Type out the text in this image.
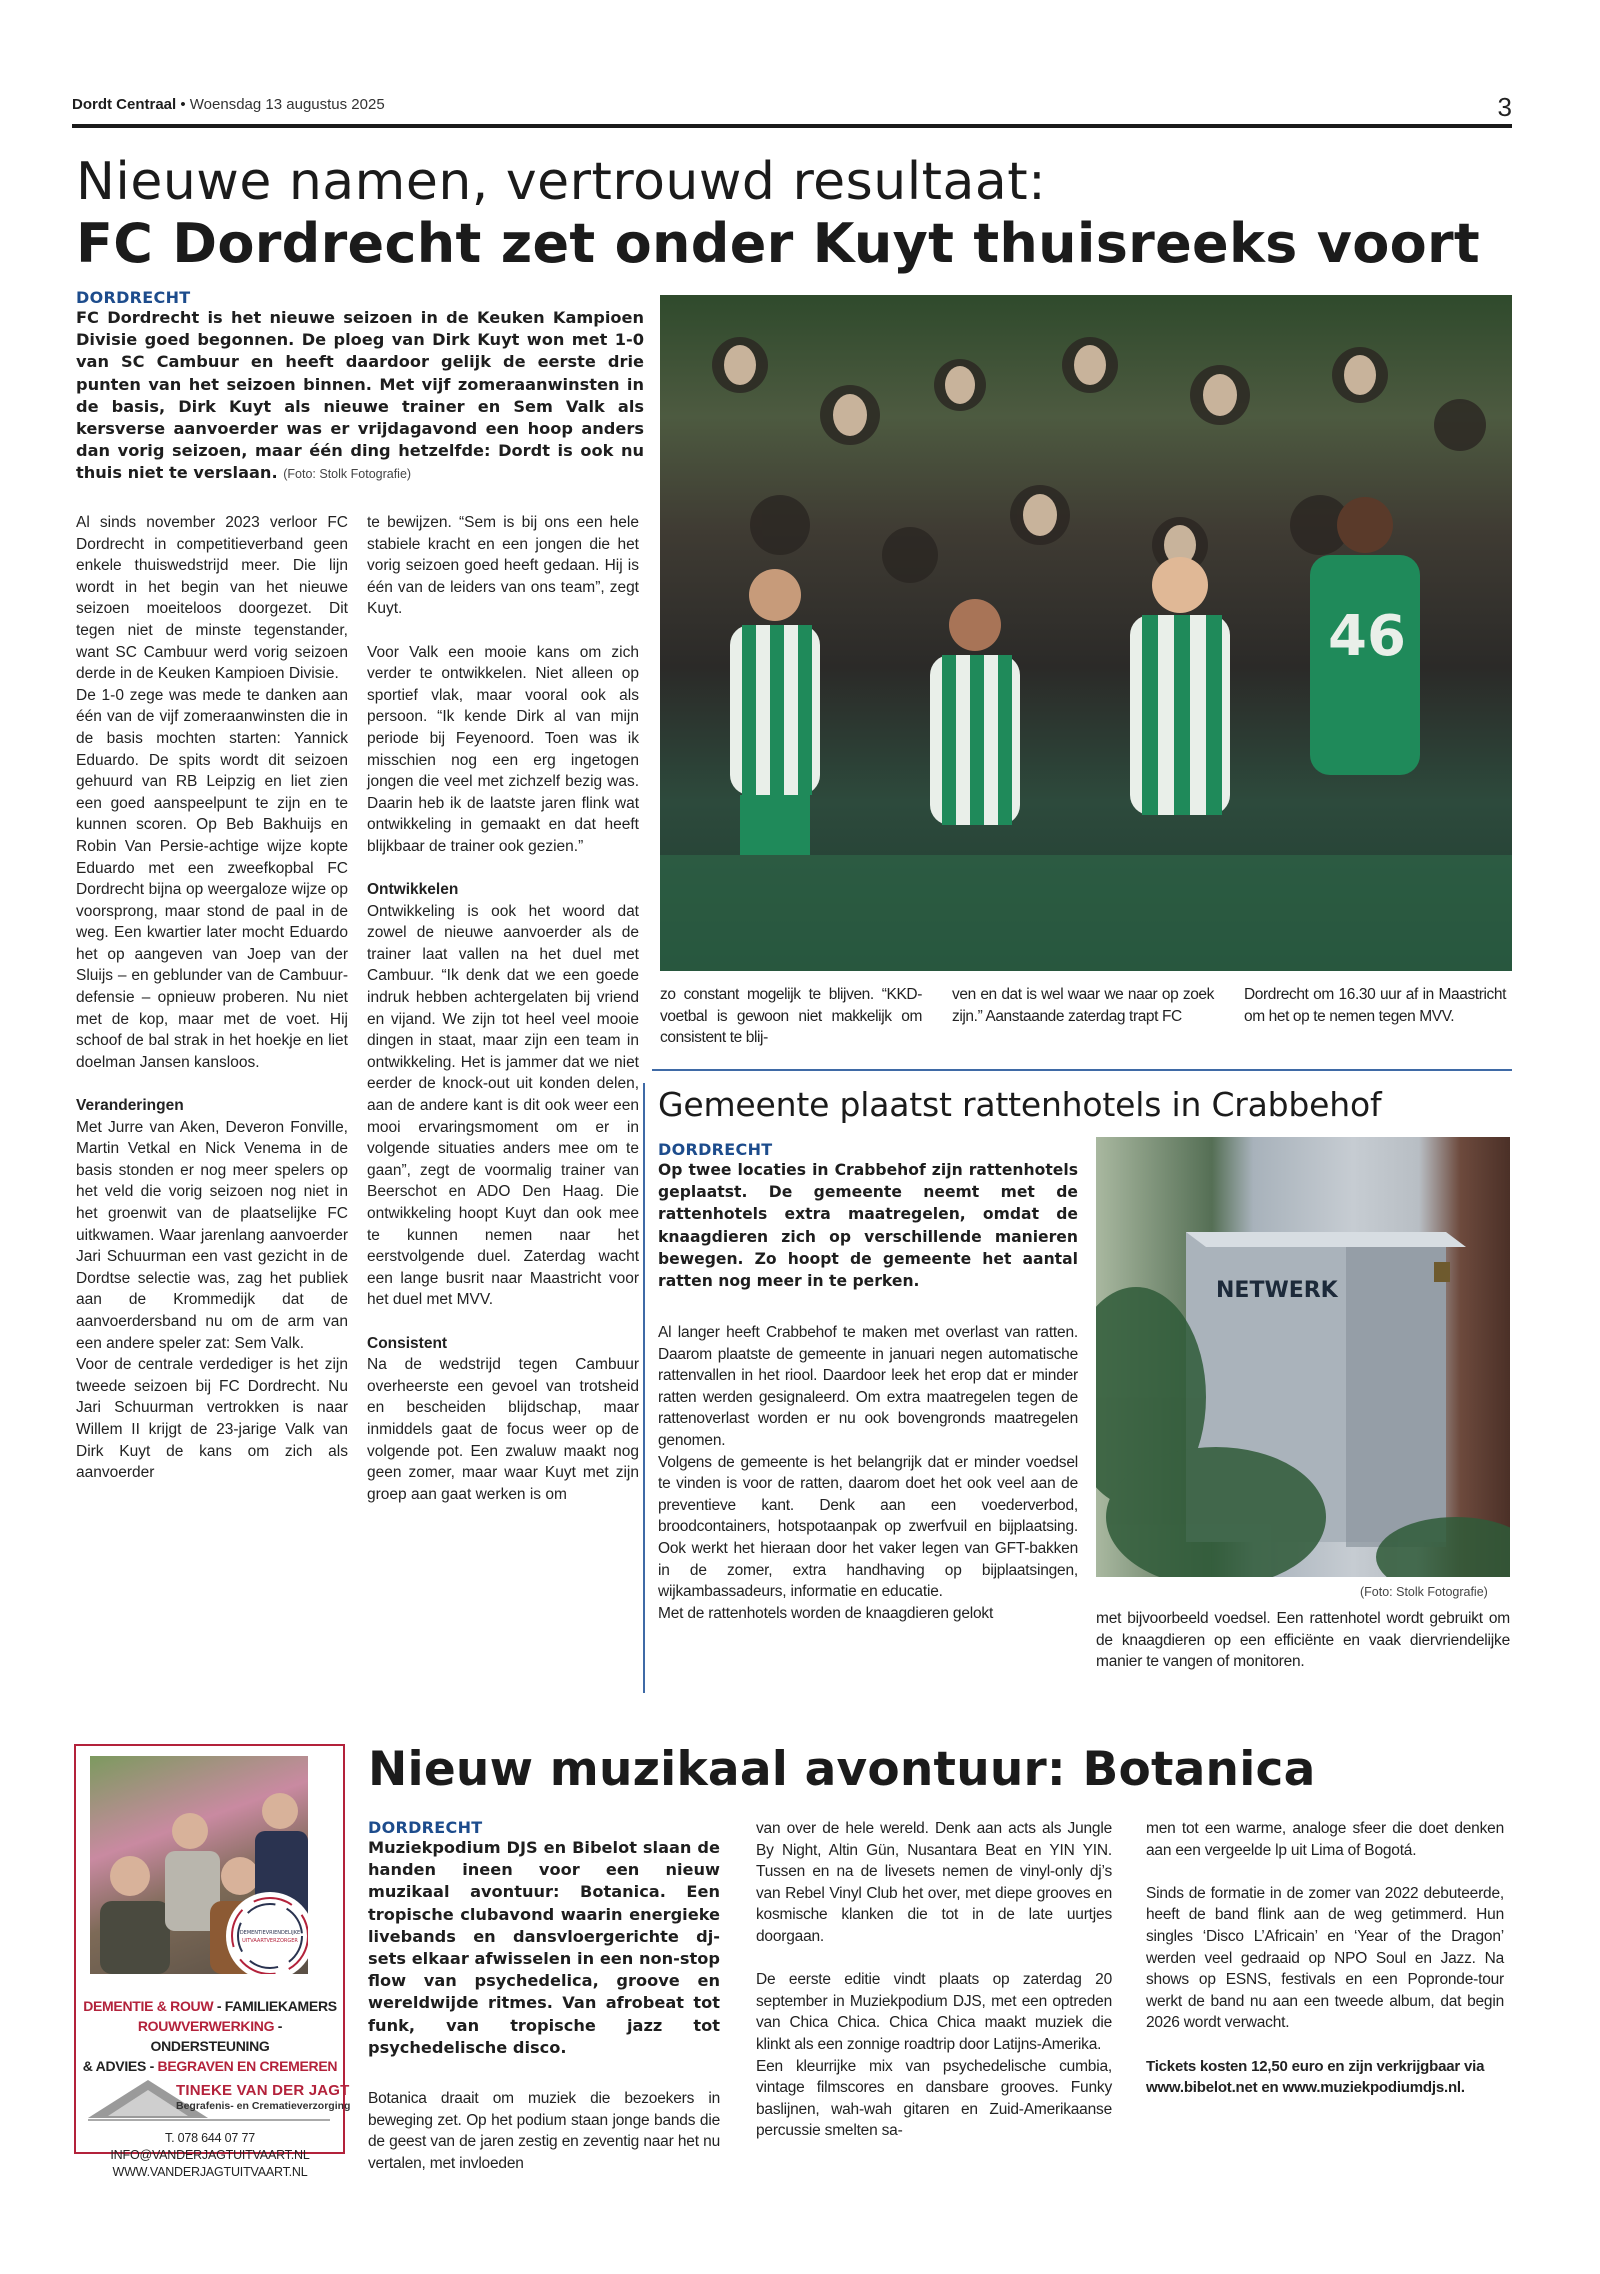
Dordt Centraal • Woensdag 13 augustus 2025	3
Nieuwe namen, vertrouwd resultaat:
FC Dordrecht zet onder Kuyt thuisreeks voort
DORDRECHT

FC Dordrecht is het nieuwe seizoen in de Keuken Kampioen Divisie goed begonnen. De ploeg van Dirk Kuyt won met 1-0 van SC Cambuur en heeft daardoor gelijk de eerste drie punten van het seizoen binnen. Met vijf zomeraanwinsten in de basis, Dirk Kuyt als nieuwe trainer en Sem Valk als kersverse aanvoerder was er vrijdagavond een hoop anders dan vorig seizoen, maar één ding hetzelfde: Dordt is ook nu thuis niet te verslaan. (Foto: Stolk Fotografie)

46

Al sinds november 2023 verloor FC Dordrecht in competitieverband geen enkele thuiswedstrijd meer. Die lijn wordt in het begin van het nieuwe seizoen moeiteloos doorgezet. Dit tegen niet de minste tegenstander, want SC Cambuur werd vorig seizoen derde in de Keuken Kampioen Divisie.

De 1-0 zege was mede te danken aan één van de vijf zomeraanwinsten die in de basis mochten starten: Yannick Eduardo. De spits wordt dit seizoen gehuurd van RB Leipzig en liet zien een goed aanspeelpunt te zijn en te kunnen scoren. Op Beb Bakhuijs en Robin Van Persie-achtige wijze kopte Eduardo met een zweefkopbal FC Dordrecht bijna op weergaloze wijze op voorsprong, maar stond de paal in de weg. Een kwartier later mocht Eduardo het op aangeven van Joep van der Sluijs – en geblunder van de Cambuur-defensie – opnieuw proberen. Nu niet met de kop, maar met de voet. Hij schoof de bal strak in het hoekje en liet doelman Jansen kansloos.

Veranderingen

Met Jurre van Aken, Deveron Fonville, Martin Vetkal en Nick Venema in de basis stonden er nog meer spelers op het veld die vorig seizoen nog niet in het groenwit van de plaatselijke FC uitkwamen. Waar jarenlang aanvoerder Jari Schuurman een vast gezicht in de Dordtse selectie was, zag het publiek aan de Krommedijk dat de aanvoerdersband nu om de arm van een andere speler zat: Sem Valk.

Voor de centrale verdediger is het zijn tweede seizoen bij FC Dordrecht. Nu Jari Schuurman vertrokken is naar Willem II krijgt de 23-jarige Valk van Dirk Kuyt de kans om zich als aanvoerder

te bewijzen. “Sem is bij ons een hele stabiele kracht en een jongen die het vorig seizoen goed heeft gedaan. Hij is één van de leiders van ons team”, zegt Kuyt.

Voor Valk een mooie kans om zich verder te ontwikkelen. Niet alleen op sportief vlak, maar vooral ook als persoon. “Ik kende Dirk al van mijn periode bij Feyenoord. Toen was ik misschien nog een erg ingetogen jongen die veel met zichzelf bezig was. Daarin heb ik de laatste jaren flink wat ontwikkeling in gemaakt en dat heeft blijkbaar de trainer ook gezien.”

Ontwikkelen

Ontwikkeling is ook het woord dat zowel de nieuwe aanvoerder als de trainer laat vallen na het duel met Cambuur. “Ik denk dat we een goede indruk hebben achtergelaten bij vriend en vijand. We zijn tot heel veel mooie dingen in staat, maar zijn een team in ontwikkeling. Het is jammer dat we niet eerder de knock-out uit konden delen, aan de andere kant is dit ook weer een mooi ervaringsmoment om er in volgende situaties anders mee om te gaan”, zegt de voormalig trainer van Beerschot en ADO Den Haag. Die ontwikkeling hoopt Kuyt dan ook mee te kunnen nemen naar het eerstvolgende duel. Zaterdag wacht een lange busrit naar Maastricht voor het duel met MVV.

Consistent

Na de wedstrijd tegen Cambuur overheerste een gevoel van trotsheid en bescheiden blijdschap, maar inmiddels gaat de focus weer op de volgende pot. Een zwaluw maakt nog geen zomer, maar waar Kuyt met zijn groep aan gaat werken is om

zo constant mogelijk te blijven. “KKD-voetbal is gewoon niet makkelijk om consistent te blij-
ven en dat is wel waar we naar op zoek zijn.” Aanstaande zaterdag trapt FC
Dordrecht om 16.30 uur af in Maastricht om het op te nemen tegen MVV.
Gemeente plaatst rattenhotels in Crabbehof
DORDRECHT

Op twee locaties in Crabbehof zijn rattenhotels geplaatst. De gemeente neemt met de rattenhotels extra maatregelen, omdat de knaagdieren zich op verschillende manieren bewegen. Zo hoopt de gemeente het aantal ratten nog meer in te perken.

Al langer heeft Crabbehof te maken met overlast van ratten. Daarom plaatste de gemeente in januari negen automatische rattenvallen in het riool. Daardoor leek het erop dat er minder ratten werden gesignaleerd. Om extra maatregelen tegen de rattenoverlast worden er nu ook bovengronds maatregelen genomen.

Volgens de gemeente is het belangrijk dat er minder voedsel te vinden is voor de ratten, daarom doet het ook veel aan de preventieve kant. Denk aan een voederverbod, broodcontainers, hotspotaanpak op zwerfvuil en bijplaatsing. Ook werkt het hieraan door het vaker legen van GFT-bakken in de zomer, extra handhaving op bijplaatsingen, wijkambassadeurs, informatie en educatie.

Met de rattenhotels worden de knaagdieren gelokt

NETWERK
(Foto: Stolk Fotografie)
met bijvoorbeeld voedsel. Een rattenhotel wordt gebruikt om de knaagdieren op een efficiënte en vaak diervriendelijke manier te vangen of monitoren.
DEMENTIEVRIENDELIJKE
UITVAARTVERZORGER
DEMENTIE & ROUW - FAMILIEKAMERS
ROUWVERWERKING - ONDERSTEUNING
& ADVIES - BEGRAVEN EN CREMEREN
TINEKE VAN DER JAGT
Begrafenis- en Crematieverzorging
T. 078 644 07 77
INFO@VANDERJAGTUITVAART.NL
WWW.VANDERJAGTUITVAART.NL
Nieuw muzikaal avontuur: Botanica
DORDRECHT

Muziekpodium DJS en Bibelot slaan de handen ineen voor een nieuw muzikaal avontuur: Botanica. Een tropische clubavond waarin energieke livebands en dansvloergerichte dj-sets elkaar afwisselen in een non-stop flow van psychedelica, groove en wereldwijde ritmes. Van afrobeat tot funk, van tropische jazz tot psychedelische disco.

Botanica draait om muziek die bezoekers in beweging zet. Op het podium staan jonge bands die de geest van de jaren zestig en zeventig naar het nu vertalen, met invloeden

van over de hele wereld. Denk aan acts als Jungle By Night, Altin Gün, Nusantara Beat en YIN YIN. Tussen en na de livesets nemen de vinyl-only dj’s van Rebel Vinyl Club het over, met diepe grooves en kosmische klanken die tot in de late uurtjes doorgaan.

De eerste editie vindt plaats op zaterdag 20 september in Muziekpodium DJS, met een optreden van Chica Chica. Chica Chica maakt muziek die klinkt als een zonnige roadtrip door Latijns-Amerika.

Een kleurrijke mix van psychedelische cumbia, vintage filmscores en dansbare grooves. Funky baslijnen, wah-wah gitaren en Zuid-Amerikaanse percussie smelten sa-

men tot een warme, analoge sfeer die doet denken aan een vergeelde lp uit Lima of Bogotá.

Sinds de formatie in de zomer van 2022 debuteerde, heeft de band flink aan de weg getimmerd. Hun singles ‘Disco L’Africain’ en ‘Year of the Dragon’ werden veel gedraaid op NPO Soul en Jazz. Na shows op ESNS, festivals en een Popronde-tour werkt de band nu aan een tweede album, dat begin 2026 wordt verwacht.

Tickets kosten 12,50 euro en zijn verkrijgbaar via www.bibelot.net en www.muziekpodiumdjs.nl.
